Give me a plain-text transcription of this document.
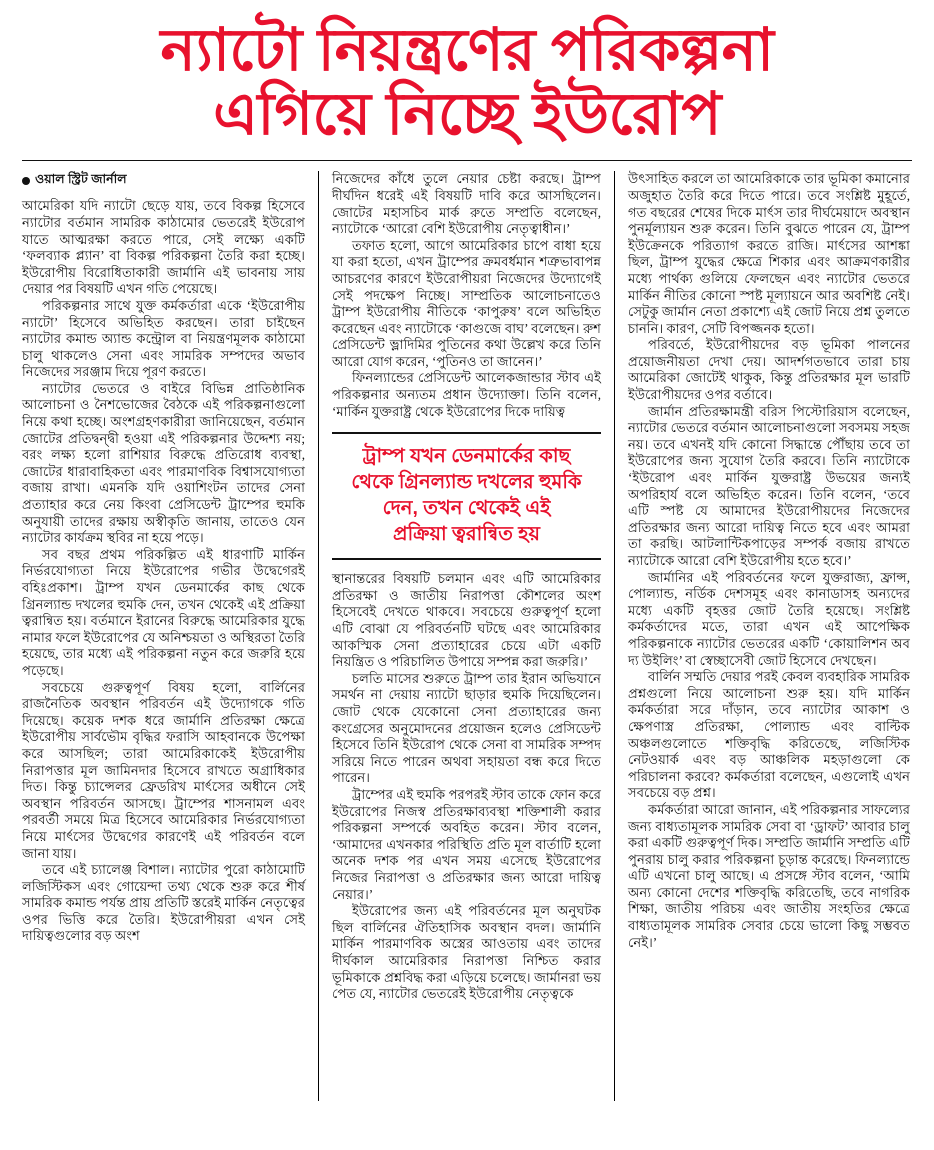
ন্যাটো নিয়ন্ত্রণের পরিকল্পনা
এগিয়ে নিচ্ছে ইউরোপ
ওয়াল স্ট্রিট জার্নাল

আমেরিকা যদি ন্যাটো ছেড়ে যায়, তবে বিকল্প হিসেবে ন্যাটোর বর্তমান সামরিক কাঠামোর ভেতরেই ইউরোপ যাতে আত্মরক্ষা করতে পারে, সেই লক্ষ্যে একটি ‘ফলব্যাক প্ল্যান’ বা বিকল্প পরিকল্পনা তৈরি করা হচ্ছে। ইউরোপীয় বিরোধিতাকারী জার্মানি এই ভাবনায় সায় দেয়ার পর বিষয়টি এখন গতি পেয়েছে।

পরিকল্পনার সাথে যুক্ত কর্মকর্তারা একে ‘ইউরোপীয় ন্যাটো’ হিসেবে অভিহিত করছেন। তারা চাইছেন ন্যাটোর কমান্ড অ্যান্ড কন্ট্রোল বা নিয়ন্ত্রণমূলক কাঠামো চালু থাকলেও সেনা এবং সামরিক সম্পদের অভাব নিজেদের সরঞ্জাম দিয়ে পূরণ করতে।

ন্যাটোর ভেতরে ও বাইরে বিভিন্ন প্রাতিষ্ঠানিক আলোচনা ও নৈশভোজের বৈঠকে এই পরিকল্পনাগুলো নিয়ে কথা হচ্ছে। অংশগ্রহণকারীরা জানিয়েছেন, বর্তমান জোটের প্রতিদ্বন্দ্বী হওয়া এই পরিকল্পনার উদ্দেশ্য নয়; বরং লক্ষ্য হলো রাশিয়ার বিরুদ্ধে প্রতিরোধ ব্যবস্থা, জোটের ধারাবাহিকতা এবং পারমাণবিক বিশ্বাসযোগ্যতা বজায় রাখা। এমনকি যদি ওয়াশিংটন তাদের সেনা প্রত্যাহার করে নেয় কিংবা প্রেসিডেন্ট ট্রাম্পের হুমকি অনুযায়ী তাদের রক্ষায় অস্বীকৃতি জানায়, তাতেও যেন ন্যাটোর কার্যক্রম স্থবির না হয়ে পড়ে।

সব বছর প্রথম পরিকল্পিত এই ধারণাটি মার্কিন নির্ভরযোগ্যতা নিয়ে ইউরোপের গভীর উদ্বেগেরই বহিঃপ্রকাশ। ট্রাম্প যখন ডেনমার্কের কাছ থেকে গ্রিনল্যান্ড দখলের হুমকি দেন, তখন থেকেই এই প্রক্রিয়া ত্বরান্বিত হয়। বর্তমানে ইরানের বিরুদ্ধে আমেরিকার যুদ্ধে নামার ফলে ইউরোপের যে অনিশ্চয়তা ও অস্থিরতা তৈরি হয়েছে, তার মধ্যে এই পরিকল্পনা নতুন করে জরুরি হয়ে পড়েছে।

সবচেয়ে গুরুত্বপূর্ণ বিষয় হলো, বার্লিনের রাজনৈতিক অবস্থান পরিবর্তন এই উদ্যোগকে গতি দিয়েছে। কয়েক দশক ধরে জার্মানি প্রতিরক্ষা ক্ষেত্রে ইউরোপীয় সার্বভৌম বৃদ্ধির ফরাসি আহবানকে উপেক্ষা করে আসছিল; তারা আমেরিকাকেই ইউরোপীয় নিরাপত্তার মূল জামিনদার হিসেবে রাখতে অগ্রাধিকার দিত। কিন্তু চ্যান্সেলর ফ্রেডরিখ মার্ৎসের অধীনে সেই অবস্থান পরিবর্তন আসছে। ট্রাম্পের শাসনামল এবং পরবর্তী সময়ে মিত্র হিসেবে আমেরিকার নির্ভরযোগ্যতা নিয়ে মার্ৎসের উদ্বেগের কারণেই এই পরিবর্তন বলে জানা যায়।

তবে এই চ্যালেঞ্জ বিশাল। ন্যাটোর পুরো কাঠামোটি লজিস্টিকস এবং গোয়েন্দা তথ্য থেকে শুরু করে শীর্ষ সামরিক কমান্ড পর্যন্ত প্রায় প্রতিটি স্তরেই মার্কিন নেতৃত্বের ওপর ভিত্তি করে তৈরি। ইউরোপীয়রা এখন সেই দায়িত্বগুলোর বড় অংশ

নিজেদের কাঁধে তুলে নেয়ার চেষ্টা করছে। ট্রাম্প দীর্ঘদিন ধরেই এই বিষয়টি দাবি করে আসছিলেন। জোটের মহাসচিব মার্ক রুতে সম্প্রতি বলেছেন, ন্যাটোকে ‘আরো বেশি ইউরোপীয় নেতৃত্বাধীন।’

তফাত হলো, আগে আমেরিকার চাপে বাধা হয়ে যা করা হতো, এখন ট্রাম্পের ক্রমবর্ধমান শত্রুভাবাপন্ন আচরণের কারণে ইউরোপীয়রা নিজেদের উদ্যোগেই সেই পদক্ষেপ নিচ্ছে। সাম্প্রতিক আলোচনাতেও ট্রাম্প ইউরোপীয় নীতিকে ‘কাপুরুষ’ বলে অভিহিত করেছেন এবং ন্যাটোকে ‘কাগুজে বাঘ’ বলেছেন। রুশ প্রেসিডেন্ট ভ্লাদিমির পুতিনের কথা উল্লেখ করে তিনি আরো যোগ করেন, ‘পুতিনও তা জানেন।’

ফিনল্যান্ডের প্রেসিডেন্ট আলেকজান্ডার স্টাব এই পরিকল্পনার অন্যতম প্রধান উদ্যোক্তা। তিনি বলেন, ‘মার্কিন যুক্তরাষ্ট্র থেকে ইউরোপের দিকে দায়িত্ব

ট্রাম্প যখন ডেনমার্কের কাছ
থেকে গ্রিনল্যান্ড দখলের হুমকি
দেন, তখন থেকেই এই
প্রক্রিয়া ত্বরান্বিত হয়

স্থানান্তরের বিষয়টি চলমান এবং এটি আমেরিকার প্রতিরক্ষা ও জাতীয় নিরাপত্তা কৌশলের অংশ হিসেবেই দেখতে থাকবে। সবচেয়ে গুরুত্বপূর্ণ হলো এটি বোঝা যে পরিবর্তনটি ঘটছে এবং আমেরিকার আকস্মিক সেনা প্রত্যাহারের চেয়ে এটা একটি নিয়ন্ত্রিত ও পরিচালিত উপায়ে সম্পন্ন করা জরুরি।’

চলতি মাসের শুরুতে ট্রাম্প তার ইরান অভিযানে সমর্থন না দেয়ায় ন্যাটো ছাড়ার হুমকি দিয়েছিলেন। জোট থেকে যেকোনো সেনা প্রত্যাহারের জন্য কংগ্রেসের অনুমোদনের প্রয়োজন হলেও প্রেসিডেন্ট হিসেবে তিনি ইউরোপ থেকে সেনা বা সামরিক সম্পদ সরিয়ে নিতে পারেন অথবা সহায়তা বন্ধ করে দিতে পারেন।

ট্রাম্পের এই হুমকি পরপরই স্টাব তাকে ফোন করে ইউরোপের নিজস্ব প্রতিরক্ষাব্যবস্থা শক্তিশালী করার পরিকল্পনা সম্পর্কে অবহিত করেন। স্টাব বলেন, ‘আমাদের এখনকার পরিস্থিতি প্রতি মূল বার্তাটি হলো অনেক দশক পর এখন সময় এসেছে ইউরোপের নিজের নিরাপত্তা ও প্রতিরক্ষার জন্য আরো দায়িত্ব নেয়ার।’

ইউরোপের জন্য এই পরিবর্তনের মূল অনুঘটক ছিল বার্লিনের ঐতিহাসিক অবস্থান বদল। জার্মানি মার্কিন পারমাণবিক অস্ত্রের আওতায় এবং তাদের দীর্ঘকাল আমেরিকার নিরাপত্তা নিশ্চিত করার ভূমিকাকে প্রশ্নবিদ্ধ করা এড়িয়ে চলেছে। জার্মানরা ভয় পেত যে, ন্যাটোর ভেতরেই ইউরোপীয় নেতৃত্বকে

উৎসাহিত করলে তা আমেরিকাকে তার ভূমিকা কমানোর অজুহাত তৈরি করে দিতে পারে। তবে সংশ্লিষ্ট মুহূর্তে, গত বছরের শেষের দিকে মার্ৎস তার দীর্ঘমেয়াদে অবস্থান পুনর্মূল্যায়ন শুরু করেন। তিনি বুঝতে পারেন যে, ট্রাম্প ইউক্রেনকে পরিত্যাগ করতে রাজি। মার্ৎসের আশঙ্কা ছিল, ট্রাম্প যুদ্ধের ক্ষেত্রে শিকার এবং আক্রমণকারীর মধ্যে পার্থক্য গুলিয়ে ফেলছেন এবং ন্যাটোর ভেতরে মার্কিন নীতির কোনো স্পষ্ট মূল্যায়নে আর অবশিষ্ট নেই। সেটুকু জার্মান নেতা প্রকাশ্যে এই জোট নিয়ে প্রশ্ন তুলতে চাননি। কারণ, সেটি বিপজ্জনক হতো।

পরিবর্তে, ইউরোপীয়দের বড় ভূমিকা পালনের প্রয়োজনীয়তা দেখা দেয়। আদর্শগতভাবে তারা চায় আমেরিকা জোটেই থাকুক, কিন্তু প্রতিরক্ষার মূল ভারটি ইউরোপীয়দের ওপর বর্তাবে।

জার্মান প্রতিরক্ষামন্ত্রী বরিস পিস্টোরিয়াস বলেছেন, ন্যাটোর ভেতরে বর্তমান আলোচনাগুলো সবসময় সহজ নয়। তবে এখনই যদি কোনো সিদ্ধান্তে পৌঁছায় তবে তা ইউরোপের জন্য সুযোগ তৈরি করবে। তিনি ন্যাটোকে ‘ইউরোপ এবং মার্কিন যুক্তরাষ্ট্র উভয়ের জন্যই অপরিহার্য বলে অভিহিত করেন। তিনি বলেন, ‘তবে এটি স্পষ্ট যে আমাদের ইউরোপীয়দের নিজেদের প্রতিরক্ষার জন্য আরো দায়িত্ব নিতে হবে এবং আমরা তা করছি। আটলান্টিকপাড়ের সম্পর্ক বজায় রাখতে ন্যাটোকে আরো বেশি ইউরোপীয় হতে হবে।’

জার্মানির এই পরিবর্তনের ফলে যুক্তরাজ্য, ফ্রান্স, পোল্যান্ড, নর্ডিক দেশসমূহ এবং কানাডাসহ অন্যদের মধ্যে একটি বৃহত্তর জোট তৈরি হয়েছে। সংশ্লিষ্ট কর্মকর্তাদের মতে, তারা এখন এই আপেক্ষিক পরিকল্পনাকে ন্যাটোর ভেতরের একটি ‘কোয়ালিশন অব দ্য উইলিং’ বা স্বেচ্ছাসেবী জোট হিসেবে দেখছেন।

বার্লিন সম্মতি দেয়ার পরই কেবল ব্যবহারিক সামরিক প্রশ্নগুলো নিয়ে আলোচনা শুরু হয়। যদি মার্কিন কর্মকর্তারা সরে দাঁড়ান, তবে ন্যাটোর আকাশ ও ক্ষেপণাস্ত্র প্রতিরক্ষা, পোল্যান্ড এবং বাল্টিক অঞ্চলগুলোতে শক্তিবৃদ্ধি করিতেছে, লজিস্টিক নেটওয়ার্ক এবং বড় আঞ্চলিক মহড়াগুলো কে পরিচালনা করবে? কর্মকর্তারা বলেছেন, এগুলোই এখন সবচেয়ে বড় প্রশ্ন।

কর্মকর্তারা আরো জানান, এই পরিকল্পনার সাফল্যের জন্য বাধ্যতামূলক সামরিক সেবা বা ‘ড্রাফট’ আবার চালু করা একটি গুরুত্বপূর্ণ দিক। সম্প্রতি জার্মানি সম্প্রতি এটি পুনরায় চালু করার পরিকল্পনা চূড়ান্ত করেছে। ফিনল্যান্ডে এটি এখনো চালু আছে। এ প্রসঙ্গে স্টাব বলেন, ‘আমি অন্য কোনো দেশের শক্তিবৃদ্ধি করিতেছি, তবে নাগরিক শিক্ষা, জাতীয় পরিচয় এবং জাতীয় সংহতির ক্ষেত্রে বাধ্যতামূলক সামরিক সেবার চেয়ে ভালো কিছু সম্ভবত নেই।’
